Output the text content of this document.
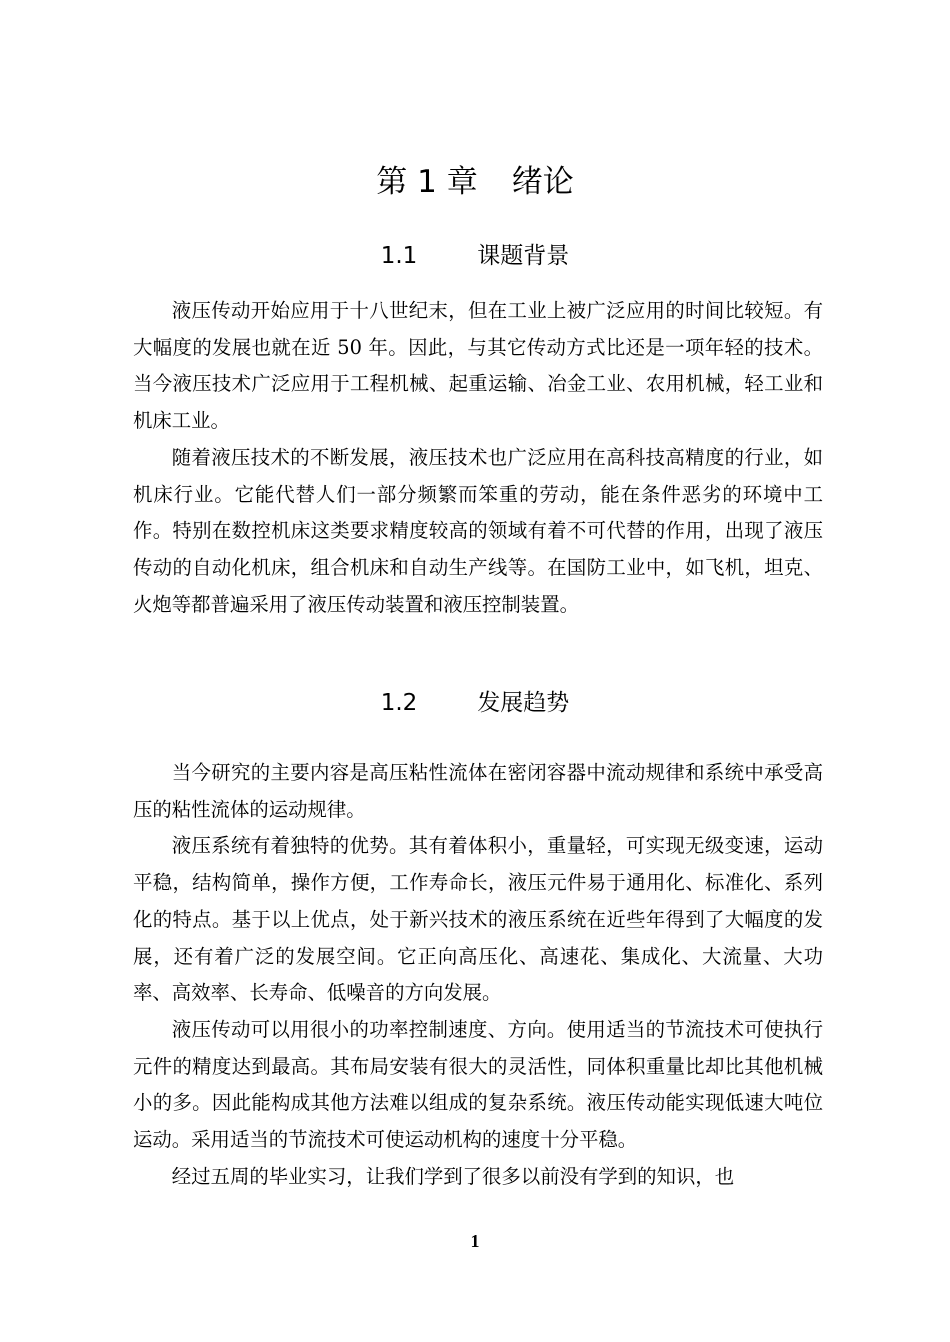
第 1 章 绪论
1.1	课题背景

液压传动开始应用于十八世纪末，但在工业上被广泛应用的时间比较短。有大幅度的发展也就在近 50 年。因此，与其它传动方式比还是一项年轻的技术。当今液压技术广泛应用于工程机械、起重运输、冶金工业、农用机械，轻工业和机床工业。

随着液压技术的不断发展，液压技术也广泛应用在高科技高精度的行业，如机床行业。它能代替人们一部分频繁而笨重的劳动，能在条件恶劣的环境中工作。特别在数控机床这类要求精度较高的领域有着不可代替的作用，出现了液压传动的自动化机床，组合机床和自动生产线等。在国防工业中，如飞机，坦克、火炮等都普遍采用了液压传动装置和液压控制装置。

1.2	发展趋势

当今研究的主要内容是高压粘性流体在密闭容器中流动规律和系统中承受高压的粘性流体的运动规律。

液压系统有着独特的优势。其有着体积小，重量轻，可实现无级变速，运动平稳，结构简单，操作方便，工作寿命长，液压元件易于通用化、标准化、系列化的特点。基于以上优点，处于新兴技术的液压系统在近些年得到了大幅度的发展，还有着广泛的发展空间。它正向高压化、高速花、集成化、大流量、大功率、高效率、长寿命、低噪音的方向发展。

液压传动可以用很小的功率控制速度、方向。使用适当的节流技术可使执行元件的精度达到最高。其布局安装有很大的灵活性，同体积重量比却比其他机械小的多。因此能构成其他方法难以组成的复杂系统。液压传动能实现低速大吨位运动。采用适当的节流技术可使运动机构的速度十分平稳。

经过五周的毕业实习，让我们学到了很多以前没有学到的知识，也

1
